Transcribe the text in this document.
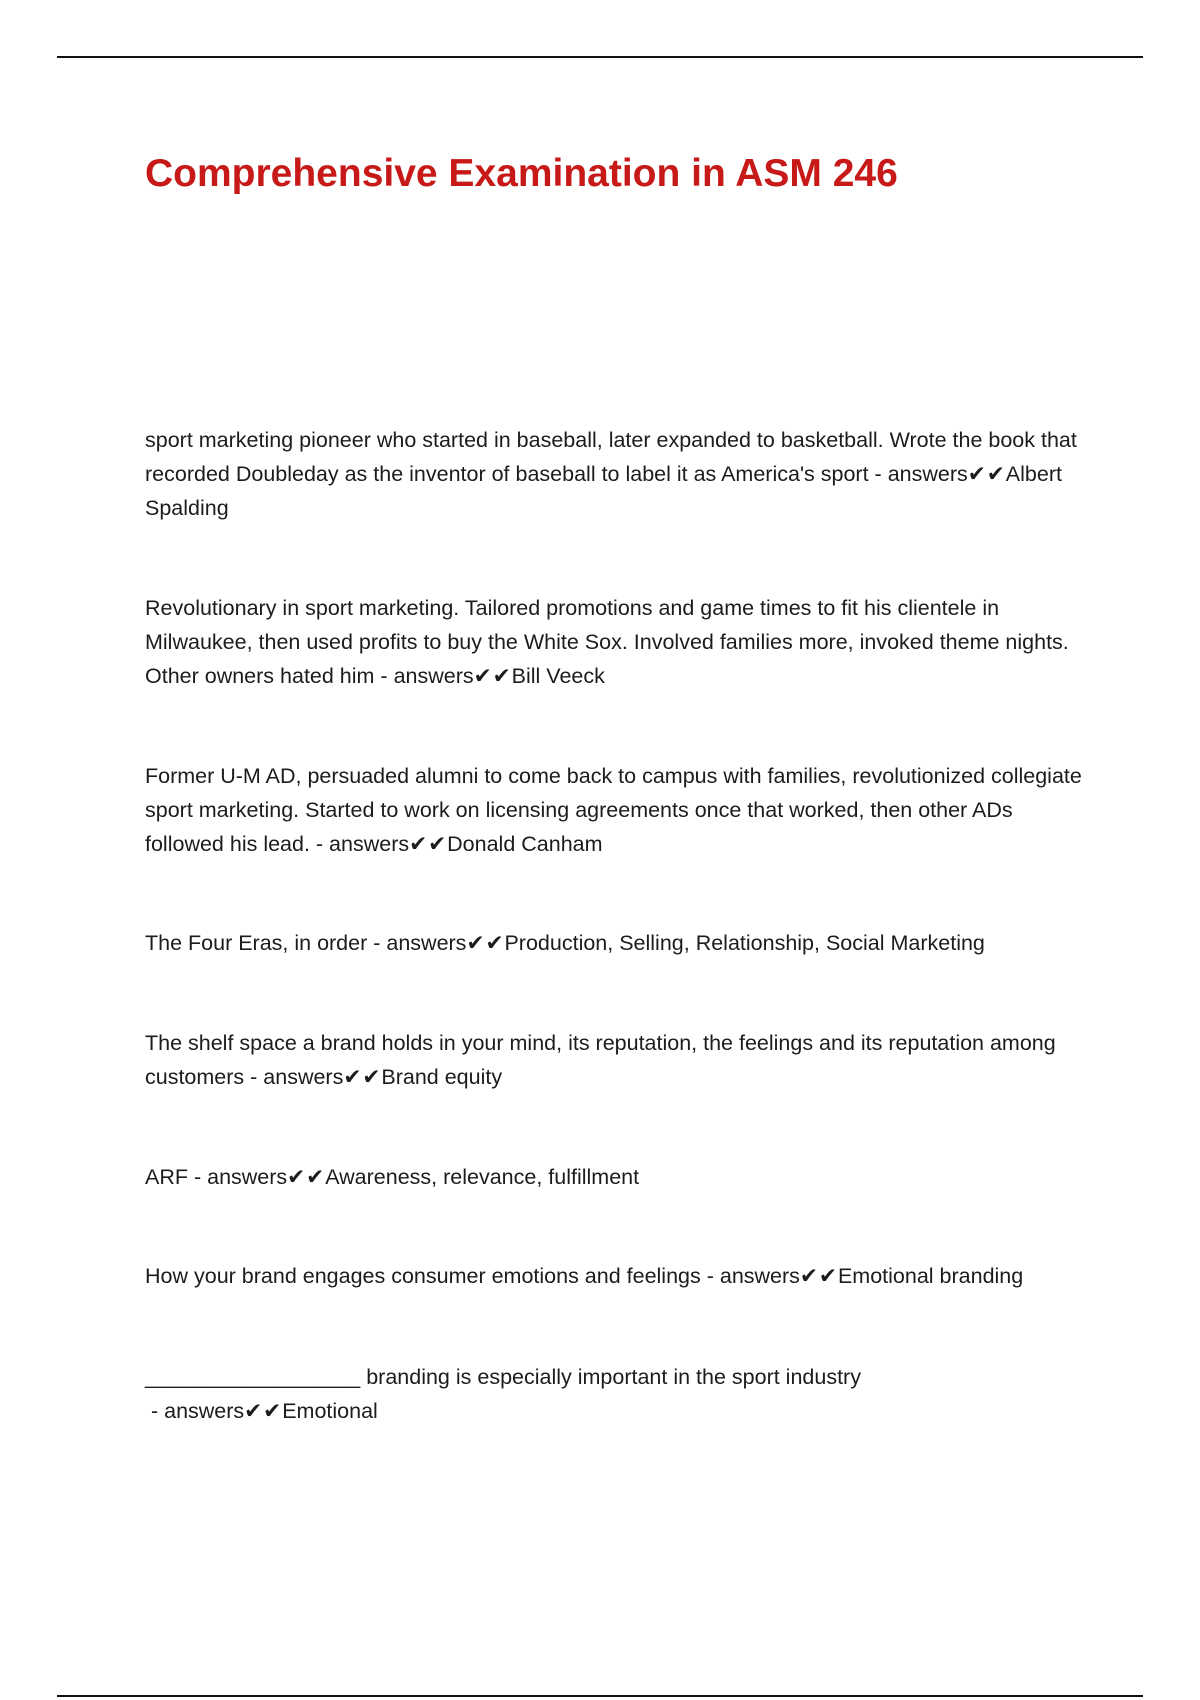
Comprehensive Examination in ASM 246

sport marketing pioneer who started in baseball, later expanded to basketball. Wrote the book that recorded Doubleday as the inventor of baseball to label it as America's sport - answers✔✔Albert Spalding

Revolutionary in sport marketing. Tailored promotions and game times to fit his clientele in Milwaukee, then used profits to buy the White Sox. Involved families more, invoked theme nights. Other owners hated him - answers✔✔Bill Veeck

Former U-M AD, persuaded alumni to come back to campus with families, revolutionized collegiate sport marketing. Started to work on licensing agreements once that worked, then other ADs followed his lead. - answers✔✔Donald Canham

The Four Eras, in order - answers✔✔Production, Selling, Relationship, Social Marketing

The shelf space a brand holds in your mind, its reputation, the feelings and its reputation among customers - answers✔✔Brand equity

ARF - answers✔✔Awareness, relevance, fulfillment

How your brand engages consumer emotions and feelings - answers✔✔Emotional branding

__________________ branding is especially important in the sport industry - answers✔✔Emotional
